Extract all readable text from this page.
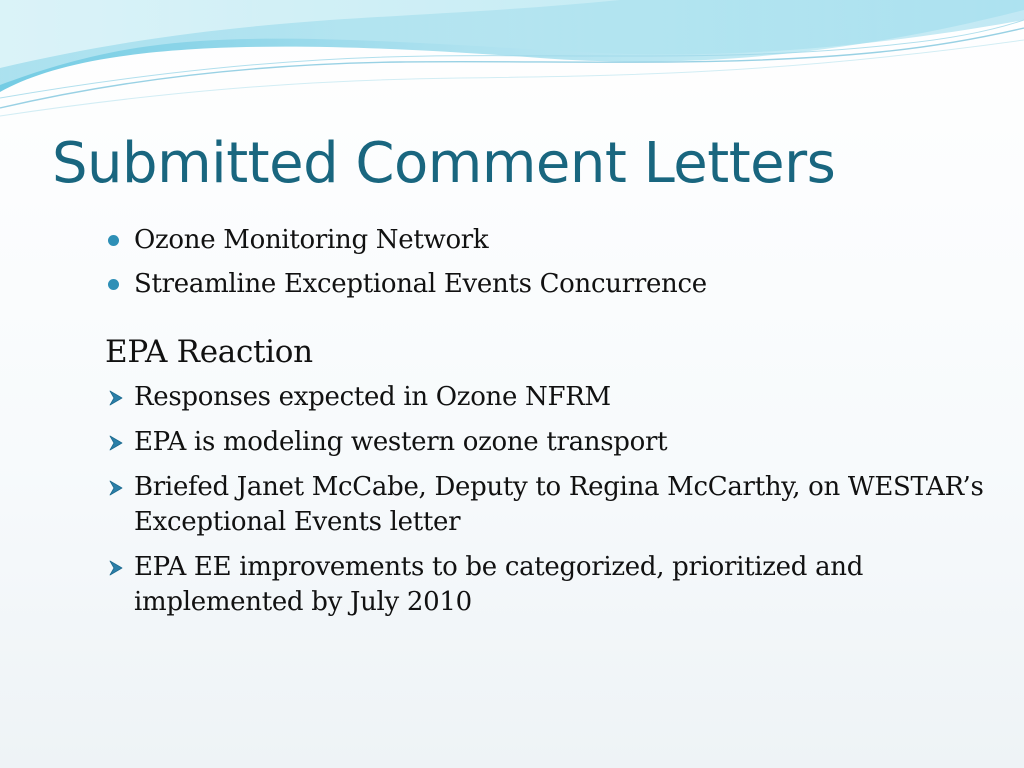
Submitted Comment Letters
Ozone Monitoring Network
Streamline Exceptional Events Concurrence
EPA Reaction
Responses expected in Ozone NFRM
EPA is modeling western ozone transport
Briefed Janet McCabe, Deputy to Regina McCarthy, on WESTAR’s Exceptional Events letter
EPA EE improvements to be categorized, prioritized and implemented by July 2010
